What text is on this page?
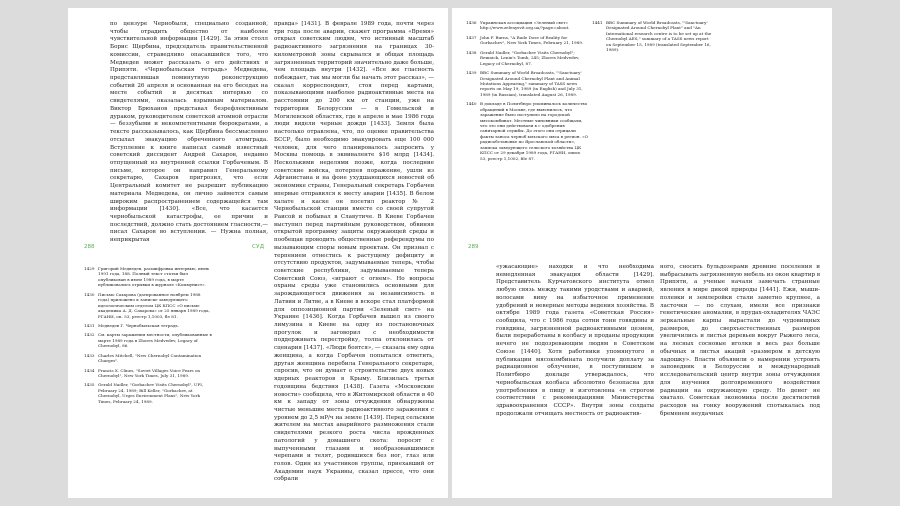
по цензуре Чернобыля, специально созданной, чтобы отрадить общество от наиболее чувствительной информации [1429]. За этим столл Борис Щербина, председатель правительственной комиссии, страведливо опасавшийся того, что Медведев может рассказать о его действиях в Припяти. «Чернобыльская тетрадь» Медведева, представлявшая поминутную реконструкцию событий 26 апреля и основанная на его беседах на месте событий и десятках интервью со свидетелями, оказалась взрывным материалом. Виктор Брюханов представал безрефлективным дураком, руководителем советской атомной отрасли — беззубыми и некомпетентными бюрократами, а тексте рассказывалось, как Щербина бессмысленно отсылал эвакуацию обреченного атомграда. Вступление к книге написал самый известный советский диссидент Андрей Сахаров, недавно отпущенный из внутренней ссылки Горбачевым. В письме, которое он направил Генеральному секретарю, Сахаров пригрозил, что если Центральный комитет не разрешит публикацию материала Медведева, он лично займется самым широким распространением содержащейся там информации [1430]. «Все, что касается чернобыльской катастрофы, ее причин и последствий, должно стать достоянием гласности,— писал Сахаров во вступлении. — Нужна полная, неприкрытая

правда» [1431]. В феврале 1989 года, почти через три года после аварии, скажет программа «Время» открыл советским людям, что истинный масштаб радиоактивного загрязнения на границах 30-километровой зоны скрывался и общая площадь загрязненных территорий значительно даже больше, чем площадь внутри [1432]. «Все же гласность побеждает, так мы могли бы начать этот рассказ», — сказал корреспондент, стоя перед картами, показывающими наиболее радиоактивные места на расстоянии до 200 км от станции, уже на территории Белоруссии — в Гомельской и Могилевской областях, где в апреле и мае 1986 года люди видели черные дожди [1433]. Земля была настолько отравлена, что, по оценке правительства БССР, было необходимо эвакуировать еще 100 000 человек, для чего планировалось запросить у Москвы помощь в эквиваленте $16 млрд [1434]. Несколькими неделями позже, когда последние советские войска, потерпев поражение, ушли из Афганистана и на фоне ухудшающихся новостей об экономике страны, Генеральный секретарь Горбачев впервые отправился к месту аварии [1435]. В белом халате и каске он посетил реактор № 2 Чернобыльской станции вместе со своей супругой Раисой и побывал в Славутиче. В Киеве Горбачев выступил перед партийным руководством, обвиняя открытой программу защиты окружающей среды и пообещав проводить общественные референдумы по вызывающим споры новым проектам. Он признал с терпением отнестись к растущему дефициту и отсутствию продуктов, задумываемые теперь, чтобы советские республики, задумываемые теперь Советский Союз, «играют с огнем». Но вопросы охраны среды уже становились основными для зарождающегося движения за независимость в Латвии и Литве, а в Киеве в вскоре стал платформой для оппозиционной партии «Зеленый свет» на Украине [1436]. Когда Горбачев вышел из своего лимузина в Киеве на одну из постановочных прогулок и заговорил с необходимости поддерживать перестройку, толпа отклонилась от сценария [1437]. «Люди боятся», — сказала ему одна женщина, а когда Горбачев попытался ответить, другая женщина перебила Генерального секретаря, спросив, что он думает о строительстве двух новых ядерных реакторов в Крыму. Близилась третья годовщина бедствия [1438]. Газета «Московские новости» сообщила, что в Житомирской области в 40 км к западу от зоны отчуждения обнаружены чистые меньшие места радиоактивного заражения с уровнем до 2,5 мР/ч на земле [1439]. Перед сельским жителем на местах аварийного размножения стали свидетелями резкого роста числа врожденных патологий у домашнего скота: поросят с выпученными глазами и необразовавшимися черепами и телят, родившихся без ног, глаз или голов. Один из участников группы, приехавший от Академии наук Украины, сказал прессе, что они собрали

288	СУД
1429 Григорий Медведев, расшифровка интервью, июнь 1991 года, 188. Полный текст статьи был опубликован в июне 1989 года, в марте публиковались отрывки в журнале «Коммунист».
1430 Письмо Сахарова (датированное ноябрем 1988 года) приложено к записке заведующего идеологическим отделом ЦК КПСС «О письме академика А. Д. Сахарова» от 25 января 1989 года, РГАНИ, оп. 53, реестр 1,1003, fle 81.
1431 Медведев Г. Чернобыльская тетрадь.
1432 См. карты заражения местности, опубликованные в марте 1989 года в Zhores Medvedev, Legacy of Chernobyl, 86.
1433 Charles Mitchell, "New Chernobyl Contamination Charges".
1434 Francis X. Clines, "Soviet Villages Voice Fears on Chernobyl", New York Times, July 31, 1989.
1435 Gerald Nadler, "Gorbachev Visits Chernobyl", UPI, February 24, 1989; Bill Keller, "Gorbachev, at Chernobyl, Urges Environment Plans", New York Times, February 24, 1989.
1436 Украинская ассоциация «Зеленый свет» http://www.zelenysvit.org.ua/?page=about.
1437 John F. Burns, "A Rude Dose of Reality for Gorbachev", New York Times, February 21, 1989.
1438 Gerald Nadler, "Gorbachev Visits Chernobyl"; Remnick, Lenin's Tomb, 245; Zhores Medvedev, Legacy of Chernobyl, 87.
1439 BBC Summary of World Broadcasts, "'Sanctuary' Designated Around Chernobyl Plant and Animal Mutations Appearing," summary of TASS news reports on May 19, 1989 (in English) and July 31, 1989 (in Russian), translated August 26, 1989.
1440 В докладе в Политбюро упоминалось количество обращений в Москве, где выяснилось, что заражение было поступило на городской мясокомбинат. Местные чиновники сообщали, что это они действовали в с одобрения санитарной службы. До этого они отрицали факты заноса черноб ыльского мяса в регион. «О радиообстановке по Ярославской области», записка заведующего сельского хозяйства ЦК КПСС от 29 декабря 1989 года, РГАНИ, опись 53, реестр 1,1002, file 87.
1441 BBC Summary of World Broadcasts, "'Sanctuary' Designated Around Chernobyl Plant" and "An International research centre is to be set up at the Chernobyl AES," summary of a TASS news report on September 15, 1989 (translated September 16, 1989).
289

«ужасающие» находки и что необходима немедленная эвакуация области [1429]. Представитель Курчатовского института отмел любую связь между такими уродствами и аварией, волосами вину на избыточное применение удобрений и неверные методы ведения хозяйства. В октябре 1989 года газета «Советская Россия» сообщила, что с 1986 года сотни тонн говядины и говядины, загрязненной радиоактивными цезием, были переработаны в колбасу и проданы продукции нечего не подозревающим людям в Советском Союзе [1440]. Хотя работники упомянутого в публикации мясокомбината получили доплату за радиационное облучение, в поступившем в Политбюро докладе утверждалось, что чернобыльская колбаса абсолютно безопасна для употребления в пищу и изготовлена «в строгом соответствии с рекомендациями Министерства здравоохранения СССР». Внутри зоны солдаты продолжали отчищать местность от радиоактив-

ного, сносить бульдозерами древние поселения и выбрасывать загрязненную мебель из окон квартир в Припяти, а ученые начали замечать странные явления в мире дикой природы [1441]. Ежи, мыши-полевки и землеройки стали заметно крупнее, а ласточки — по слухам, имели все признаки генетические аномалии, в прудах-охладителях ЧАЭС зеркальные карпы вырастали до чудовищных размеров, до сверхъестественных размеров увеличились и листья деревьев вокруг Рыжего леса, на лесных сосновые иголки в весь раз больше обычных и листья акаций «размером в детскую ладошку». Власти объявили о намерении устроить заповедник в Белоруссии и международный исследовательский центр внутри зоны отчуждения для изучения долговременного воздействия радиации на окружающую среду. Но денег не хватало. Советская экономика после десятилетий расходов на гонку вооружений спотыкалась под бременем неудачных
